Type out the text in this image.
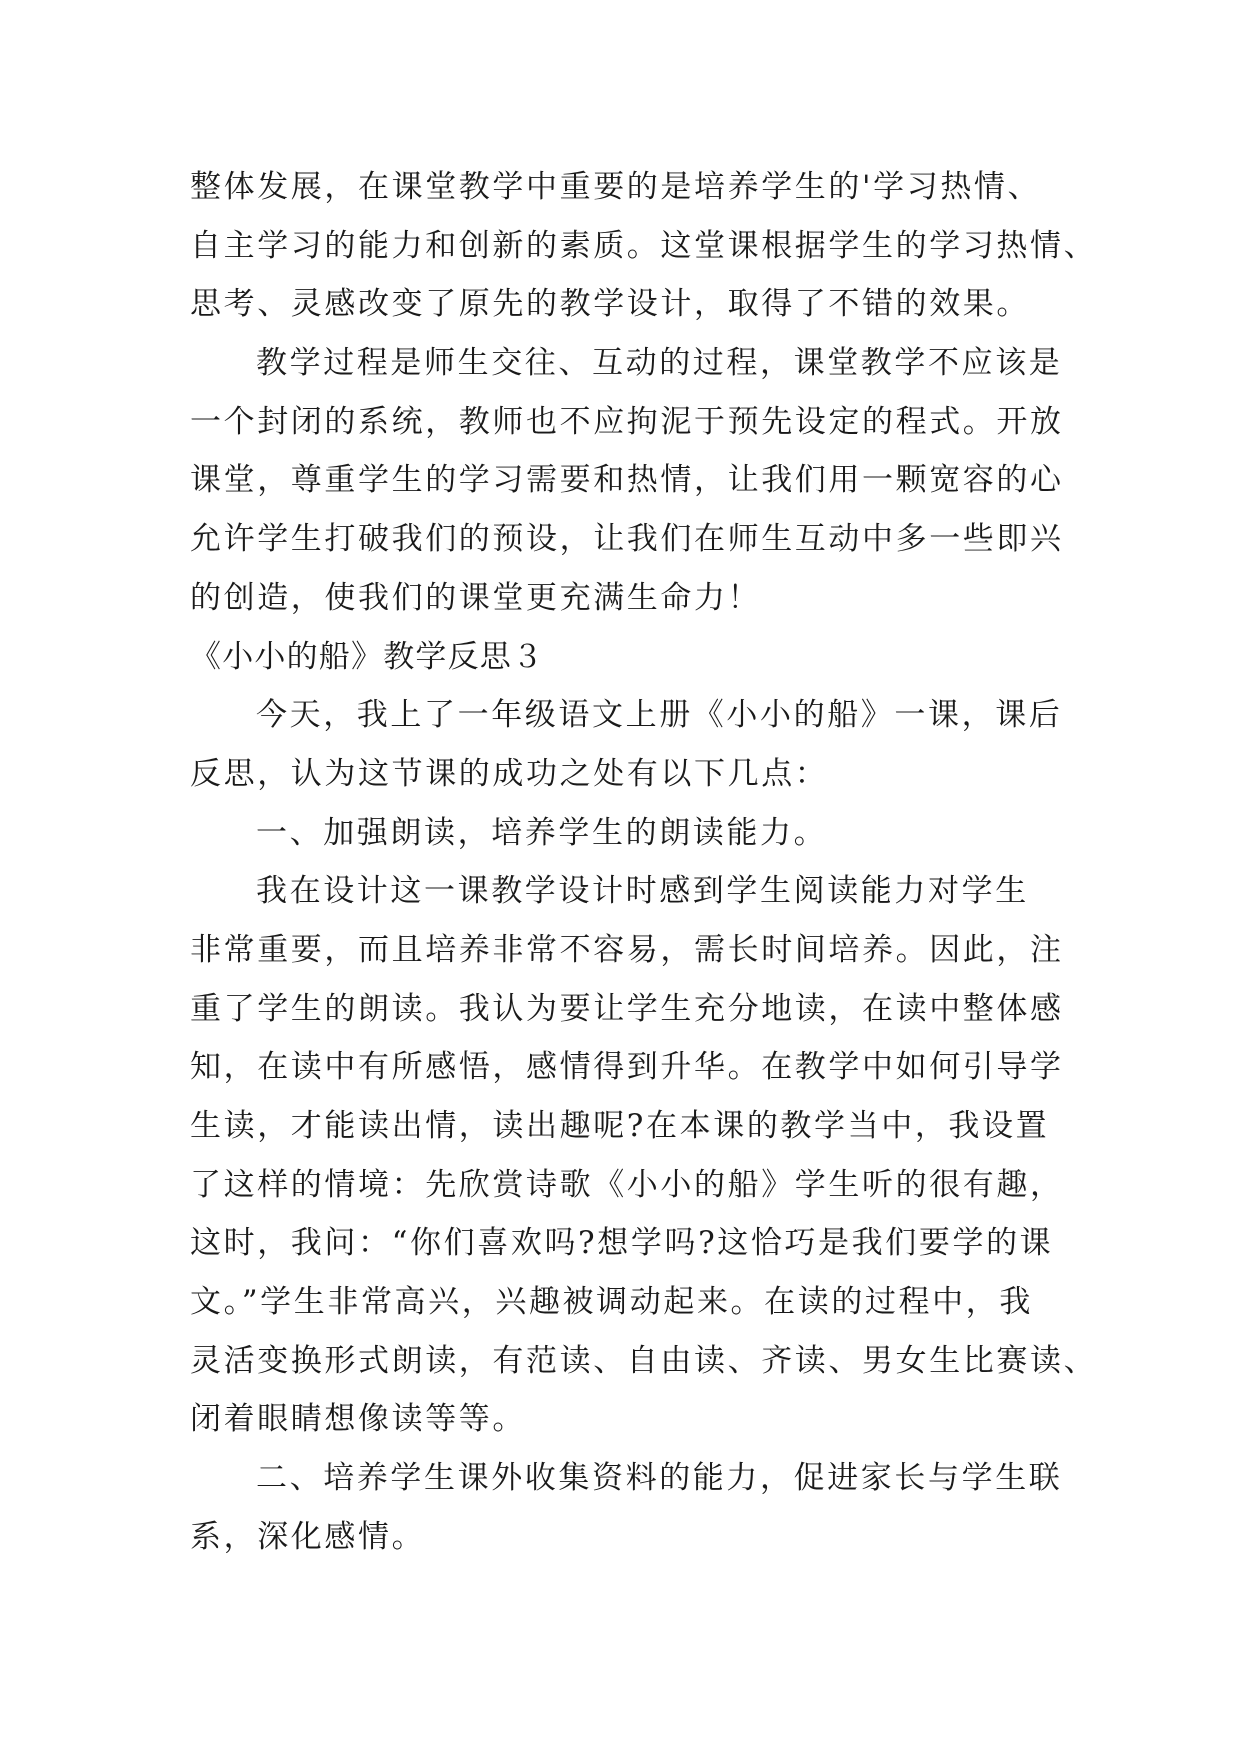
整体发展，在课堂教学中重要的是培养学生的'学习热情、
自主学习的能力和创新的素质。这堂课根据学生的学习热情、
思考、灵感改变了原先的教学设计，取得了不错的效果。
教学过程是师生交往、互动的过程，课堂教学不应该是
一个封闭的系统，教师也不应拘泥于预先设定的程式。开放
课堂，尊重学生的学习需要和热情，让我们用一颗宽容的心
允许学生打破我们的预设，让我们在师生互动中多一些即兴
的创造，使我们的课堂更充满生命力！
《小小的船》教学反思３
今天，我上了一年级语文上册《小小的船》一课，课后
反思，认为这节课的成功之处有以下几点：
一、加强朗读，培养学生的朗读能力。
我在设计这一课教学设计时感到学生阅读能力对学生
非常重要，而且培养非常不容易，需长时间培养。因此，注
重了学生的朗读。我认为要让学生充分地读，在读中整体感
知，在读中有所感悟，感情得到升华。在教学中如何引导学
生读，才能读出情，读出趣呢?在本课的教学当中，我设置
了这样的情境：先欣赏诗歌《小小的船》学生听的很有趣，
这时，我问：“你们喜欢吗?想学吗?这恰巧是我们要学的课
文。”学生非常高兴，兴趣被调动起来。在读的过程中，我
灵活变换形式朗读，有范读、自由读、齐读、男女生比赛读、
闭着眼睛想像读等等。
二、培养学生课外收集资料的能力，促进家长与学生联
系，深化感情。
